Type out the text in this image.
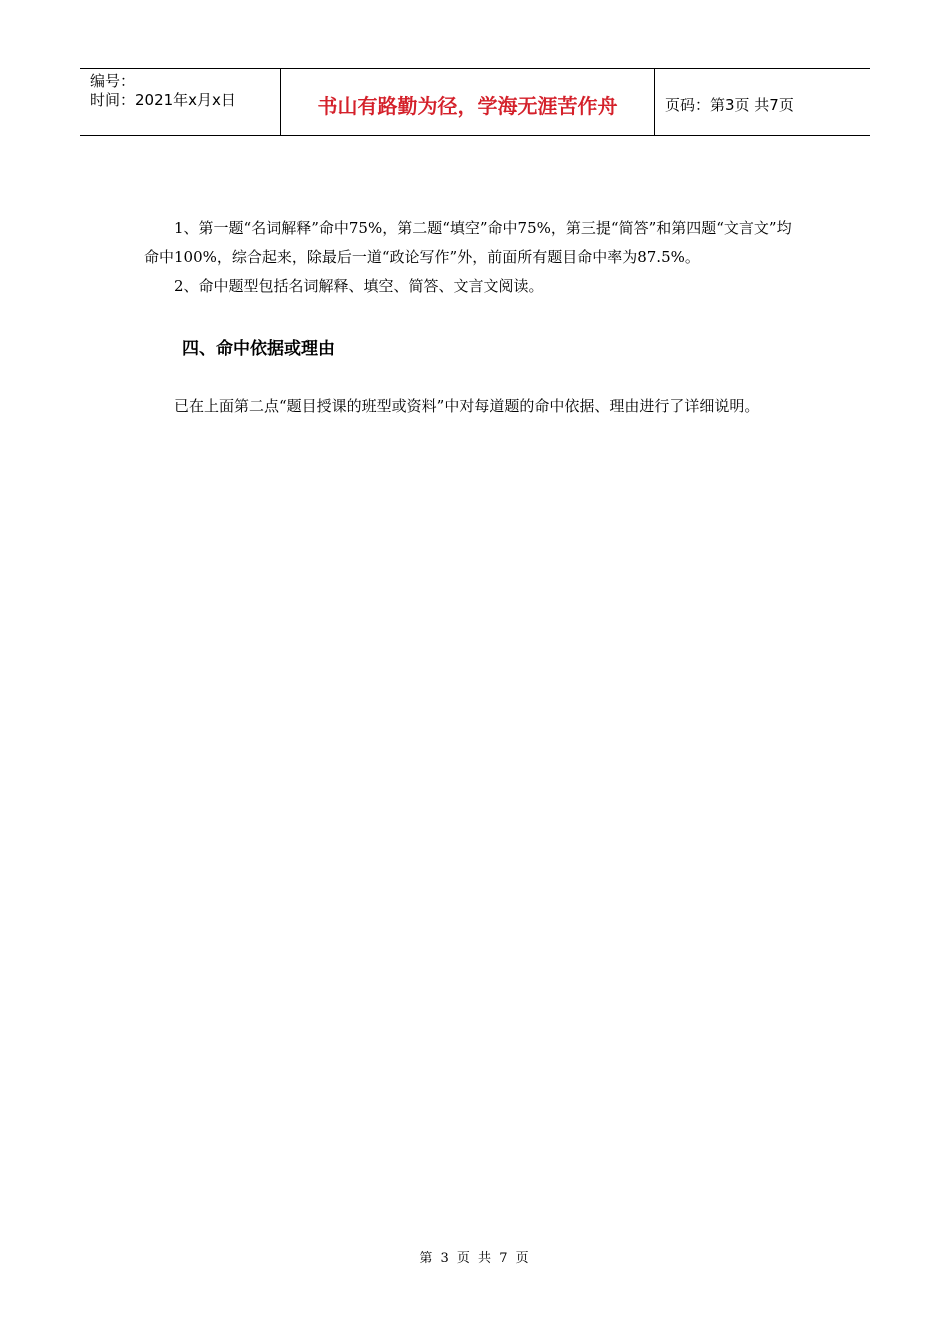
编号：
时间：2021年x月x日	书山有路勤为径，学海无涯苦作舟	页码：第3页 共7页

1、第一题“名词解释”命中75%，第二题“填空”命中75%，第三提“简答”和第四题“文言文”均命中100%，综合起来，除最后一道“政论写作”外，前面所有题目命中率为87.5%。

2、命中题型包括名词解释、填空、简答、文言文阅读。

四、命中依据或理由

已在上面第二点“题目授课的班型或资料”中对每道题的命中依据、理由进行了详细说明。

第 3 页 共 7 页
